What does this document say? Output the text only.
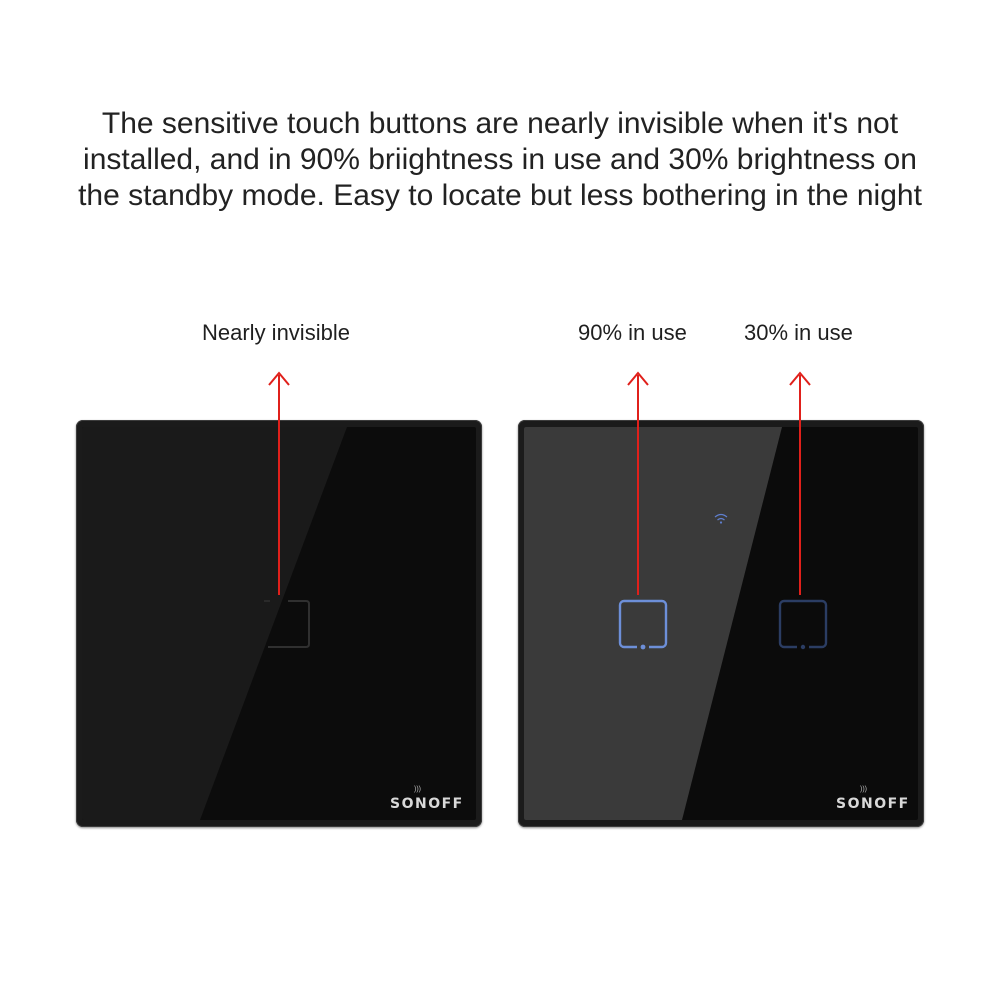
The sensitive touch buttons are nearly invisible when it's not
installed, and in 90% briightness in use and 30% brightness on
the standby mode. Easy to locate but less bothering in the night
Nearly invisible	90% in use	30% in use
)))
SONOFF
)))
SONOFF
